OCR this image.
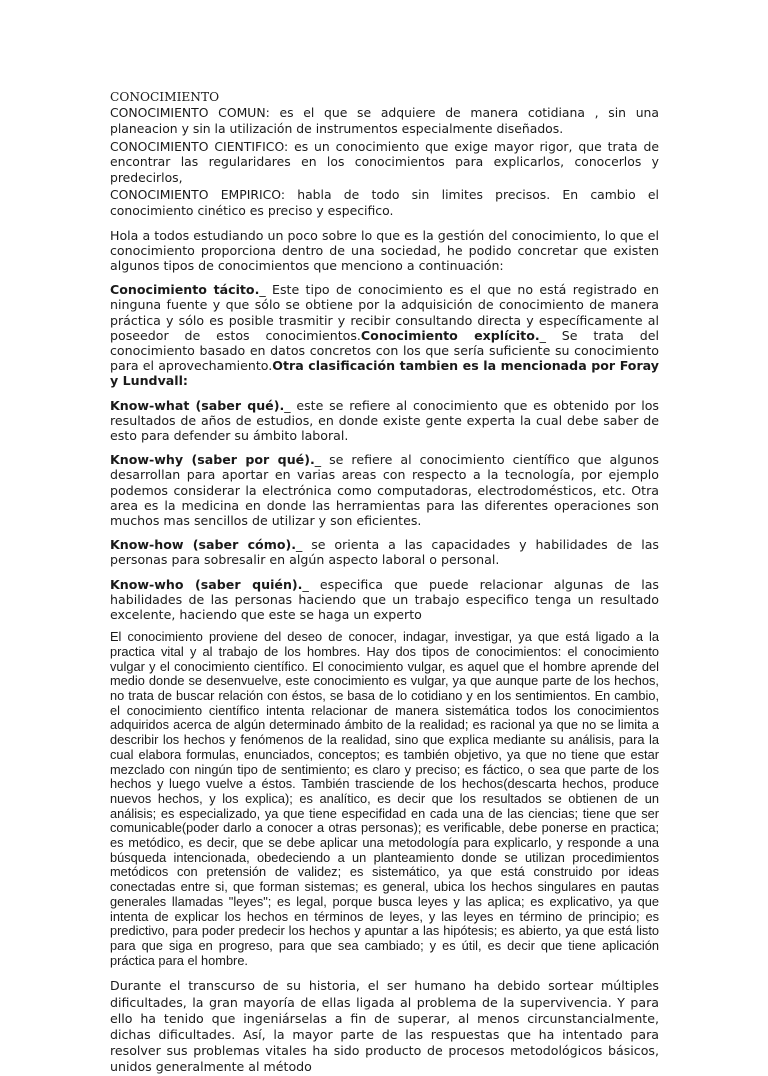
CONOCIMIENTO
CONOCIMIENTO COMUN: es el que se adquiere de manera cotidiana , sin una planeacion y sin la utilización de instrumentos especialmente diseñados.
CONOCIMIENTO CIENTIFICO: es un conocimiento que exige mayor rigor, que trata de encontrar las regularidares en los conocimientos para explicarlos, conocerlos y predecirlos,
CONOCIMIENTO EMPIRICO: habla de todo sin limites precisos. En cambio el conocimiento cinético es preciso y especifico.

Hola a todos estudiando un poco sobre lo que es la gestión del conocimiento, lo que el conocimiento proporciona dentro de una sociedad, he podido concretar que existen algunos tipos de conocimientos que menciono a continuación:

Conocimiento tácito._ Este tipo de conocimiento es el que no está registrado en ninguna fuente y que sólo se obtiene por la adquisición de conocimiento de manera práctica y sólo es posible trasmitir y recibir consultando directa y específicamente al poseedor de estos conocimientos.Conocimiento explícito._ Se trata del conocimiento basado en datos concretos con los que sería suficiente su conocimiento para el aprovechamiento.Otra clasificación tambien es la mencionada por Foray y Lundvall:

Know-what (saber qué)._ este se refiere al conocimiento que es obtenido por los resultados de años de estudios, en donde existe gente experta la cual debe saber de esto para defender su ámbito laboral.

Know-why (saber por qué)._ se refiere al conocimiento científico que algunos desarrollan para aportar en varias areas con respecto a la tecnología, por ejemplo podemos considerar la electrónica como computadoras, electrodomésticos, etc. Otra area es la medicina en donde las herramientas para las diferentes operaciones son muchos mas sencillos de utilizar y son eficientes.

Know-how (saber cómo)._ se orienta a las capacidades y habilidades de las personas para sobresalir en algún aspecto laboral o personal.

Know-who (saber quién)._ especifica que puede relacionar algunas de las habilidades de las personas haciendo que un trabajo especifico tenga un resultado excelente, haciendo que este se haga un experto

El conocimiento proviene del deseo de conocer, indagar, investigar, ya que está ligado a la practica vital y al trabajo de los hombres. Hay dos tipos de conocimientos: el conocimiento vulgar y el conocimiento científico. El conocimiento vulgar, es aquel que el hombre aprende del medio donde se desenvuelve, este conocimiento es vulgar, ya que aunque parte de los hechos, no trata de buscar relación con éstos, se basa de lo cotidiano y en los sentimientos. En cambio, el conocimiento científico intenta relacionar de manera sistemática todos los conocimientos adquiridos acerca de algún determinado ámbito de la realidad; es racional ya que no se limita a describir los hechos y fenómenos de la realidad, sino que explica mediante su análisis, para la cual elabora formulas, enunciados, conceptos; es también objetivo, ya que no tiene que estar mezclado con ningún tipo de sentimiento; es claro y preciso; es fáctico, o sea que parte de los hechos y luego vuelve a éstos. También trasciende de los hechos(descarta hechos, produce nuevos hechos, y los explica); es analítico, es decir que los resultados se obtienen de un análisis; es especializado, ya que tiene especifidad en cada una de las ciencias; tiene que ser comunicable(poder darlo a conocer a otras personas); es verificable, debe ponerse en practica; es metódico, es decir, que se debe aplicar una metodología para explicarlo, y responde a una búsqueda intencionada, obedeciendo a un planteamiento donde se utilizan procedimientos metódicos con pretensión de validez; es sistemático, ya que está construido por ideas conectadas entre si, que forman sistemas; es general, ubica los hechos singulares en pautas generales llamadas "leyes"; es legal, porque busca leyes y las aplica; es explicativo, ya que intenta de explicar los hechos en términos de leyes, y las leyes en término de principio; es predictivo, para poder predecir los hechos y apuntar a las hipótesis; es abierto, ya que está listo para que siga en progreso, para que sea cambiado; y es útil, es decir que tiene aplicación práctica para el hombre.

Durante el transcurso de su historia, el ser humano ha debido sortear múltiples dificultades, la gran mayoría de ellas ligada al problema de la supervivencia. Y para ello ha tenido que ingeniárselas a fin de superar, al menos circunstancialmente, dichas dificultades. Así, la mayor parte de las respuestas que ha intentado para resolver sus problemas vitales ha sido producto de procesos metodológicos básicos, unidos generalmente al método
